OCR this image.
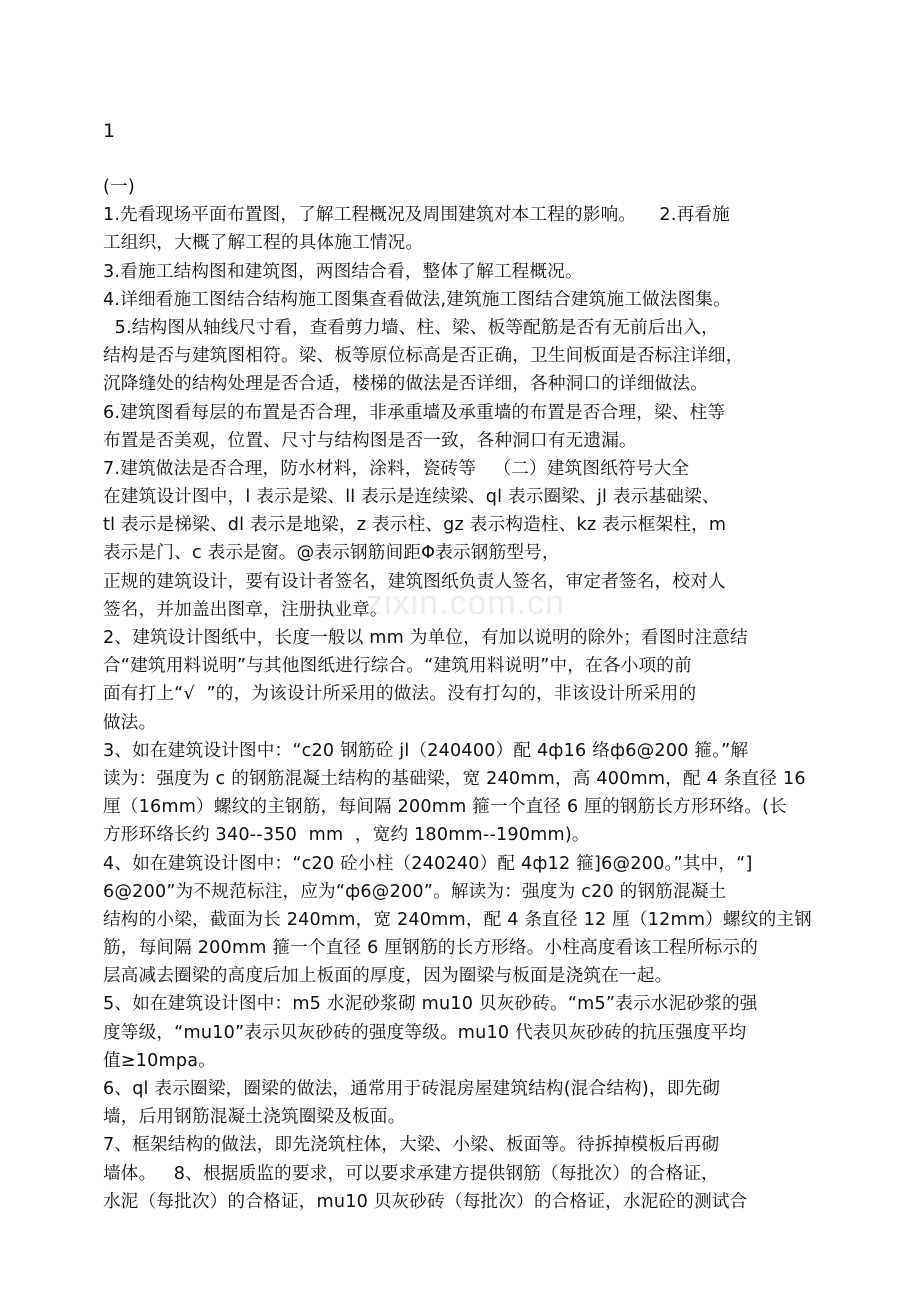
zixin.com.cn
1
(一)
1.先看现场平面布置图，了解工程概况及周围建筑对本工程的影响。    2.再看施
工组织，大概了解工程的具体施工情况。
3.看施工结构图和建筑图，两图结合看，整体了解工程概况。
4.详细看施工图结合结构施工图集查看做法,建筑施工图结合建筑施工做法图集。
5.结构图从轴线尺寸看，查看剪力墙、柱、梁、板等配筋是否有无前后出入，
结构是否与建筑图相符。梁、板等原位标高是否正确，卫生间板面是否标注详细，
沉降缝处的结构处理是否合适，楼梯的做法是否详细，各种洞口的详细做法。
6.建筑图看每层的布置是否合理，非承重墙及承重墙的布置是否合理，梁、柱等
布置是否美观，位置、尺寸与结构图是否一致，各种洞口有无遗漏。
7.建筑做法是否合理，防水材料，涂料，瓷砖等   （二）建筑图纸符号大全
在建筑设计图中，l 表示是梁、ll 表示是连续梁、ql 表示圈梁、jl 表示基础梁、
tl 表示是梯梁、dl 表示是地梁，z 表示柱、gz 表示构造柱、kz 表示框架柱，m
表示是门、c 表示是窗。@表示钢筋间距Φ表示钢筋型号，
正规的建筑设计，要有设计者签名，建筑图纸负责人签名，审定者签名，校对人
签名，并加盖出图章，注册执业章。
2、建筑设计图纸中，长度一般以 mm 为单位，有加以说明的除外；看图时注意结
合“建筑用料说明”与其他图纸进行综合。“建筑用料说明”中，在各小项的前
面有打上“√  ”的，为该设计所采用的做法。没有打勾的，非该设计所采用的
做法。
3、如在建筑设计图中：“c20 钢筋砼 jl（240400）配 4ф16 络ф6@200 箍。”解
读为：强度为 c 的钢筋混凝土结构的基础梁，宽 240mm，高 400mm，配 4 条直径 16
厘（16mm）螺纹的主钢筋，每间隔 200mm 箍一个直径 6 厘的钢筋长方形环络。(长
方形环络长约 340--350  mm  ，宽约 180mm--190mm)。
4、如在建筑设计图中：“c20 砼小柱（240240）配 4ф12 箍]6@200。”其中，“]
6@200”为不规范标注，应为“ф6@200”。解读为：强度为 c20 的钢筋混凝土
结构的小梁，截面为长 240mm，宽 240mm，配 4 条直径 12 厘（12mm）螺纹的主钢
筋，每间隔 200mm 箍一个直径 6 厘钢筋的长方形络。小柱高度看该工程所标示的
层高减去圈梁的高度后加上板面的厚度，因为圈梁与板面是浇筑在一起。
5、如在建筑设计图中：m5 水泥砂浆砌 mu10 贝灰砂砖。“m5”表示水泥砂浆的强
度等级，“mu10”表示贝灰砂砖的强度等级。mu10 代表贝灰砂砖的抗压强度平均
值≥10mpa。
6、ql 表示圈梁，圈梁的做法，通常用于砖混房屋建筑结构(混合结构)，即先砌
墙，后用钢筋混凝土浇筑圈梁及板面。
7、框架结构的做法，即先浇筑柱体，大梁、小梁、板面等。待拆掉模板后再砌
墙体。   8、根据质监的要求，可以要求承建方提供钢筋（每批次）的合格证，
水泥（每批次）的合格证，mu10 贝灰砂砖（每批次）的合格证，水泥砼的测试合
